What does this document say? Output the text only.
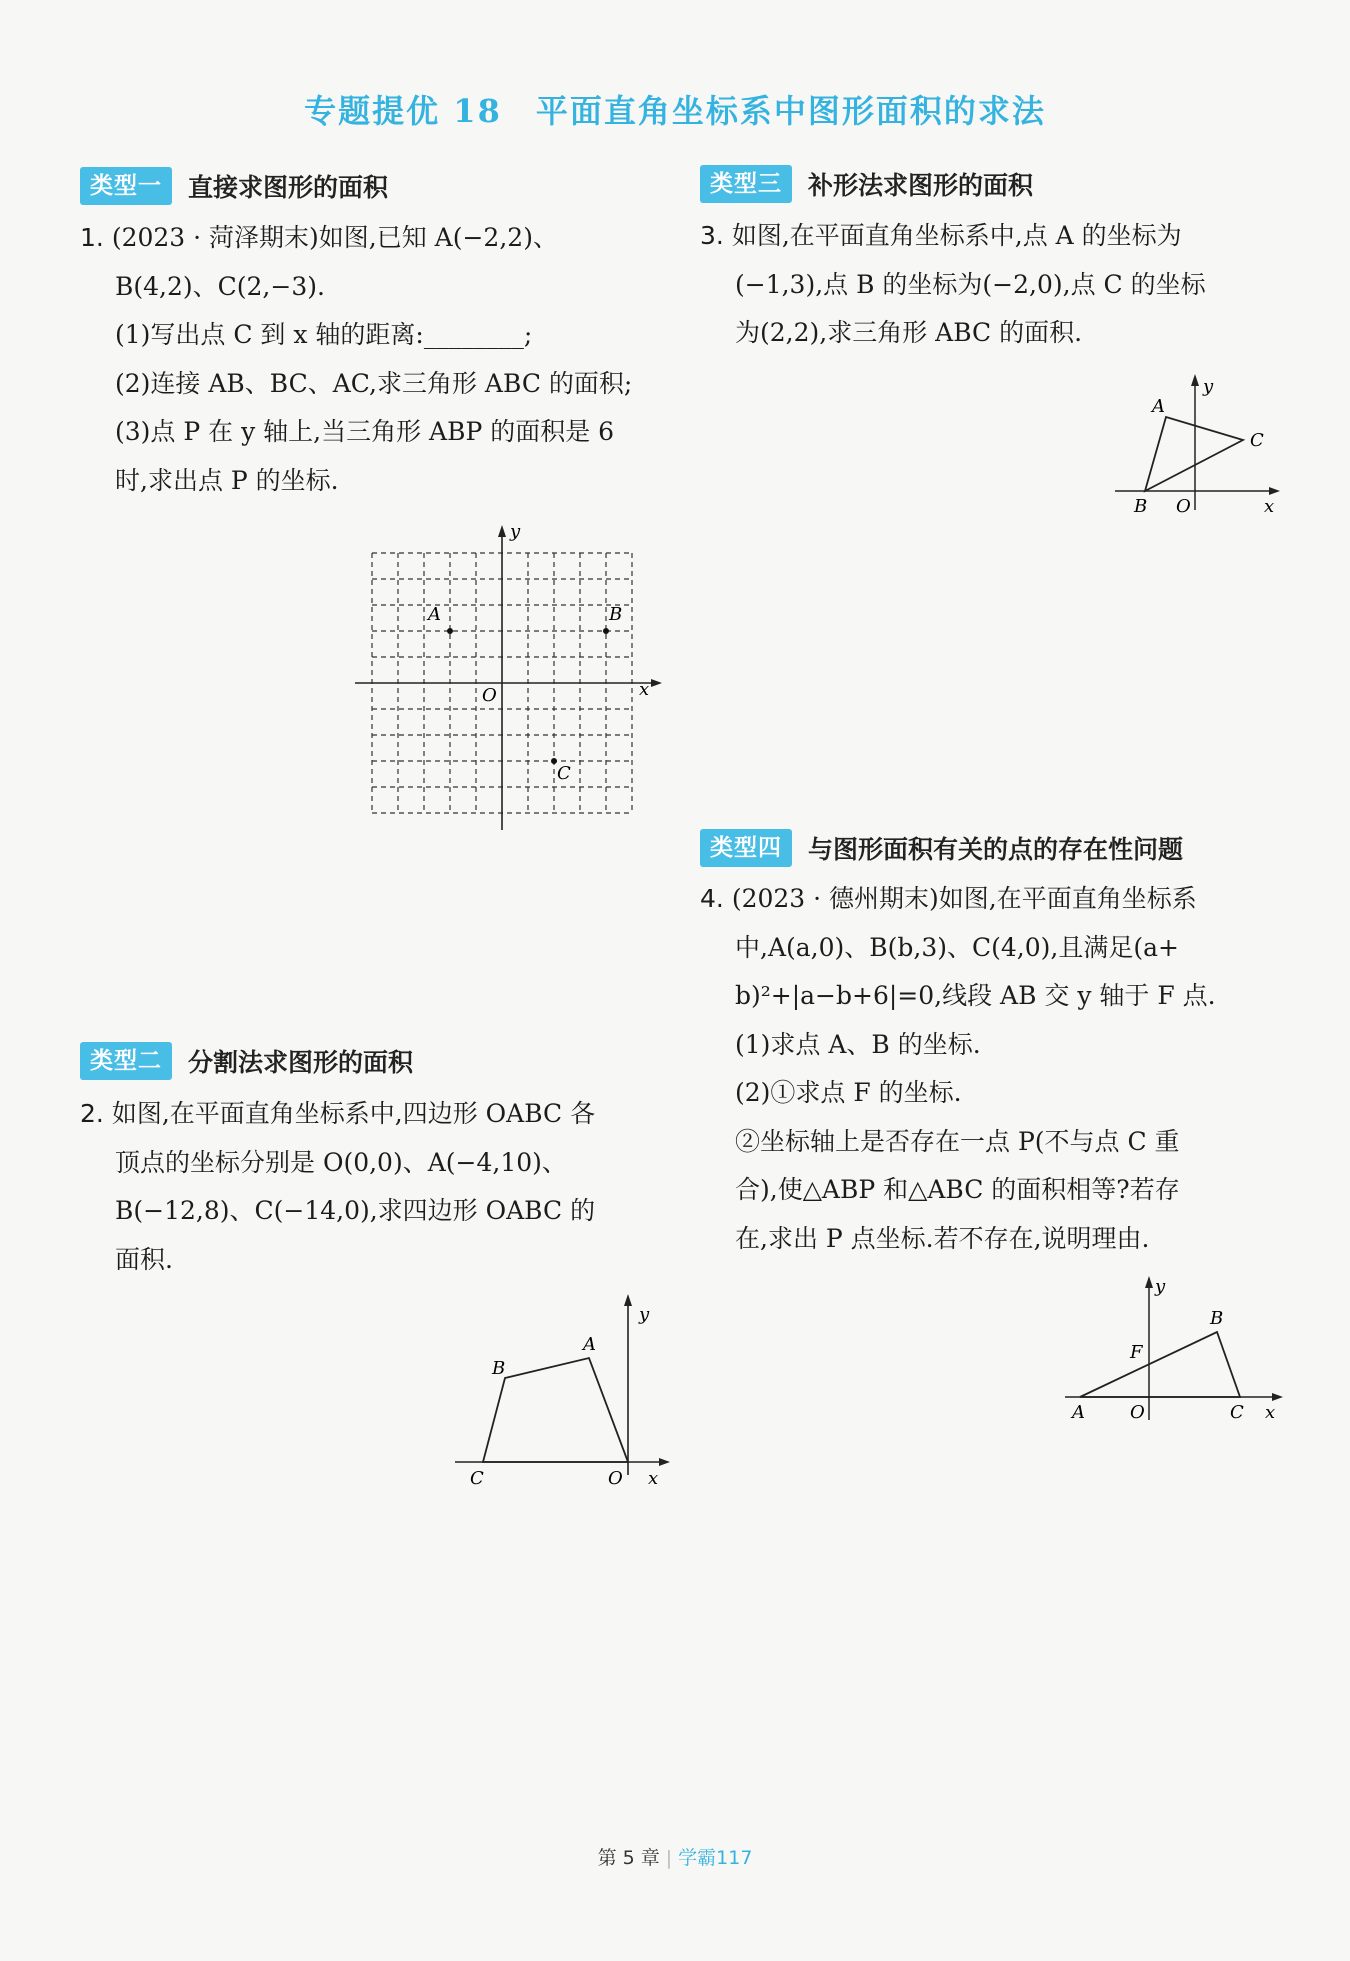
专题提优 18　平面直角坐标系中图形面积的求法
类型一	直接求图形的面积
1. (2023 · 菏泽期末)如图,已知 A(−2,2)、
B(4,2)、C(2,−3).
(1)写出点 C 到 x 轴的距离:________;
(2)连接 AB、BC、AC,求三角形 ABC 的面积;
(3)点 P 在 y 轴上,当三角形 ABP 的面积是 6
时,求出点 P 的坐标.
y
x
O
A	B
C
类型二	分割法求图形的面积
2. 如图,在平面直角坐标系中,四边形 OABC 各
顶点的坐标分别是 O(0,0)、A(−4,10)、
B(−12,8)、C(−14,0),求四边形 OABC 的
面积.
y
x
O
A
B
C
类型三	补形法求图形的面积
3. 如图,在平面直角坐标系中,点 A 的坐标为
(−1,3),点 B 的坐标为(−2,0),点 C 的坐标
为(2,2),求三角形 ABC 的面积.
y
x
O
A
B
C
类型四	与图形面积有关的点的存在性问题
4. (2023 · 德州期末)如图,在平面直角坐标系
中,A(a,0)、B(b,3)、C(4,0),且满足(a+
b)²+|a−b+6|=0,线段 AB 交 y 轴于 F 点.
(1)求点 A、B 的坐标.
(2)①求点 F 的坐标.
②坐标轴上是否存在一点 P(不与点 C 重
合),使△ABP 和△ABC 的面积相等?若存
在,求出 P 点坐标.若不存在,说明理由.
y
x
O
A
B
C
F
第 5 章 | 学霸117
